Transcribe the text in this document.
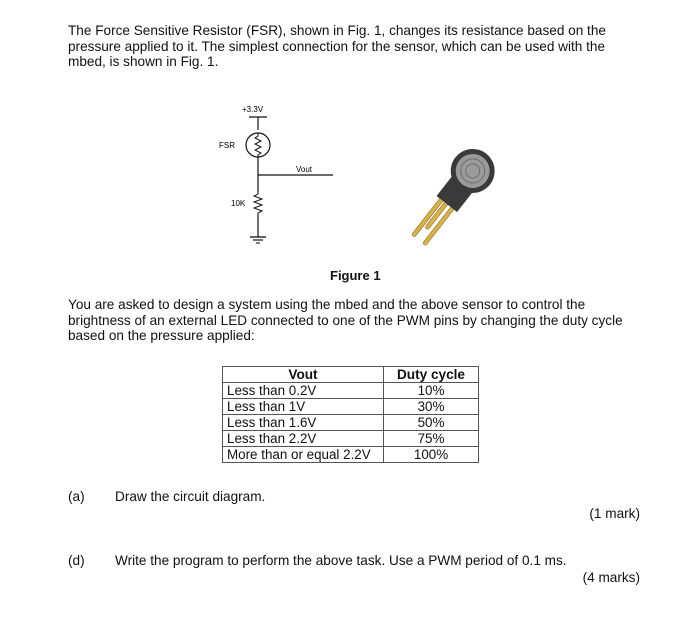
The Force Sensitive Resistor (FSR), shown in Fig. 1, changes its resistance based on the pressure applied to it. The simplest connection for the sensor, which can be used with the mbed, is shown in Fig. 1.
+3.3V
FSR
Vout
10K
Figure 1
You are asked to design a system using the mbed and the above sensor to control the brightness of an external LED connected to one of the PWM pins by changing the duty cycle based on the pressure applied:
Vout	Duty cycle
Less than 0.2V	10%
Less than 1V	30%
Less than 1.6V	50%
Less than 2.2V	75%
More than or equal 2.2V	100%
(a) Draw the circuit diagram.
(1 mark)
(d) Write the program to perform the above task. Use a PWM period of 0.1 ms.
(4 marks)
